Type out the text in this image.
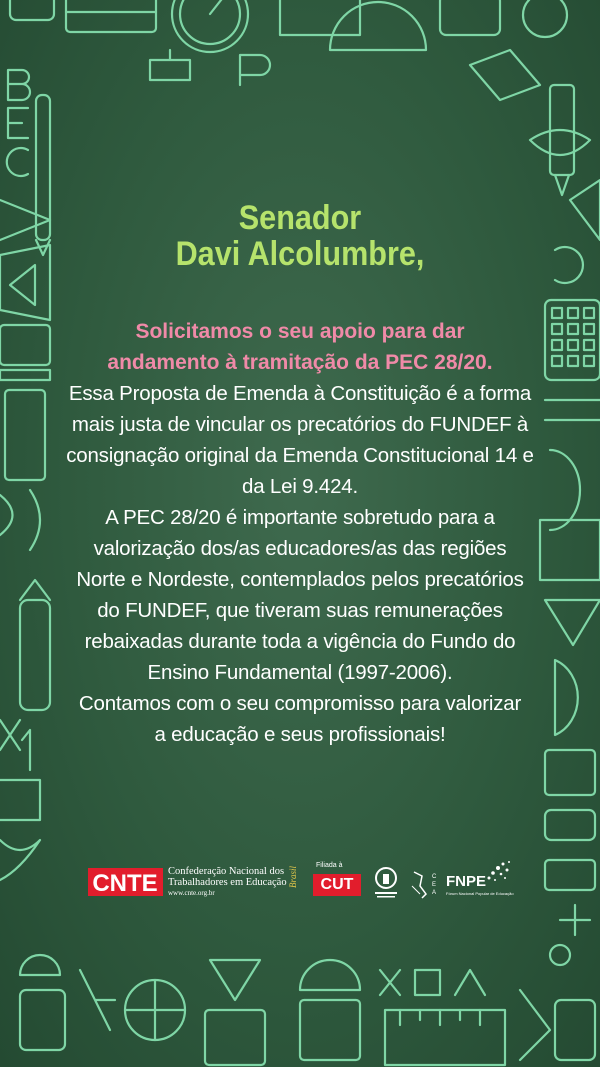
Senador
Davi Alcolumbre,
Solicitamos o seu apoio para dar
andamento à tramitação da PEC 28/20.
Essa Proposta de Emenda à Constituição é a forma
mais justa de vincular os precatórios do FUNDEF à
consignação original da Emenda Constitucional 14 e
da Lei 9.424.
A PEC 28/20 é importante sobretudo para a
valorização dos/as educadores/as das regiões
Norte e Nordeste, contemplados pelos precatórios
do FUNDEF, que tiveram suas remunerações
rebaixadas durante toda a vigência do Fundo do
Ensino Fundamental (1997-2006).
Contamos com o seu compromisso para valorizar
a educação e seus profissionais!
CNTE Confederação Nacional dos
Trabalhadores em Educação
www.cnte.org.br
Brasil
Filiada à
CUT	C
E
A
FNPE
Fórum Nacional Popular de Educação
